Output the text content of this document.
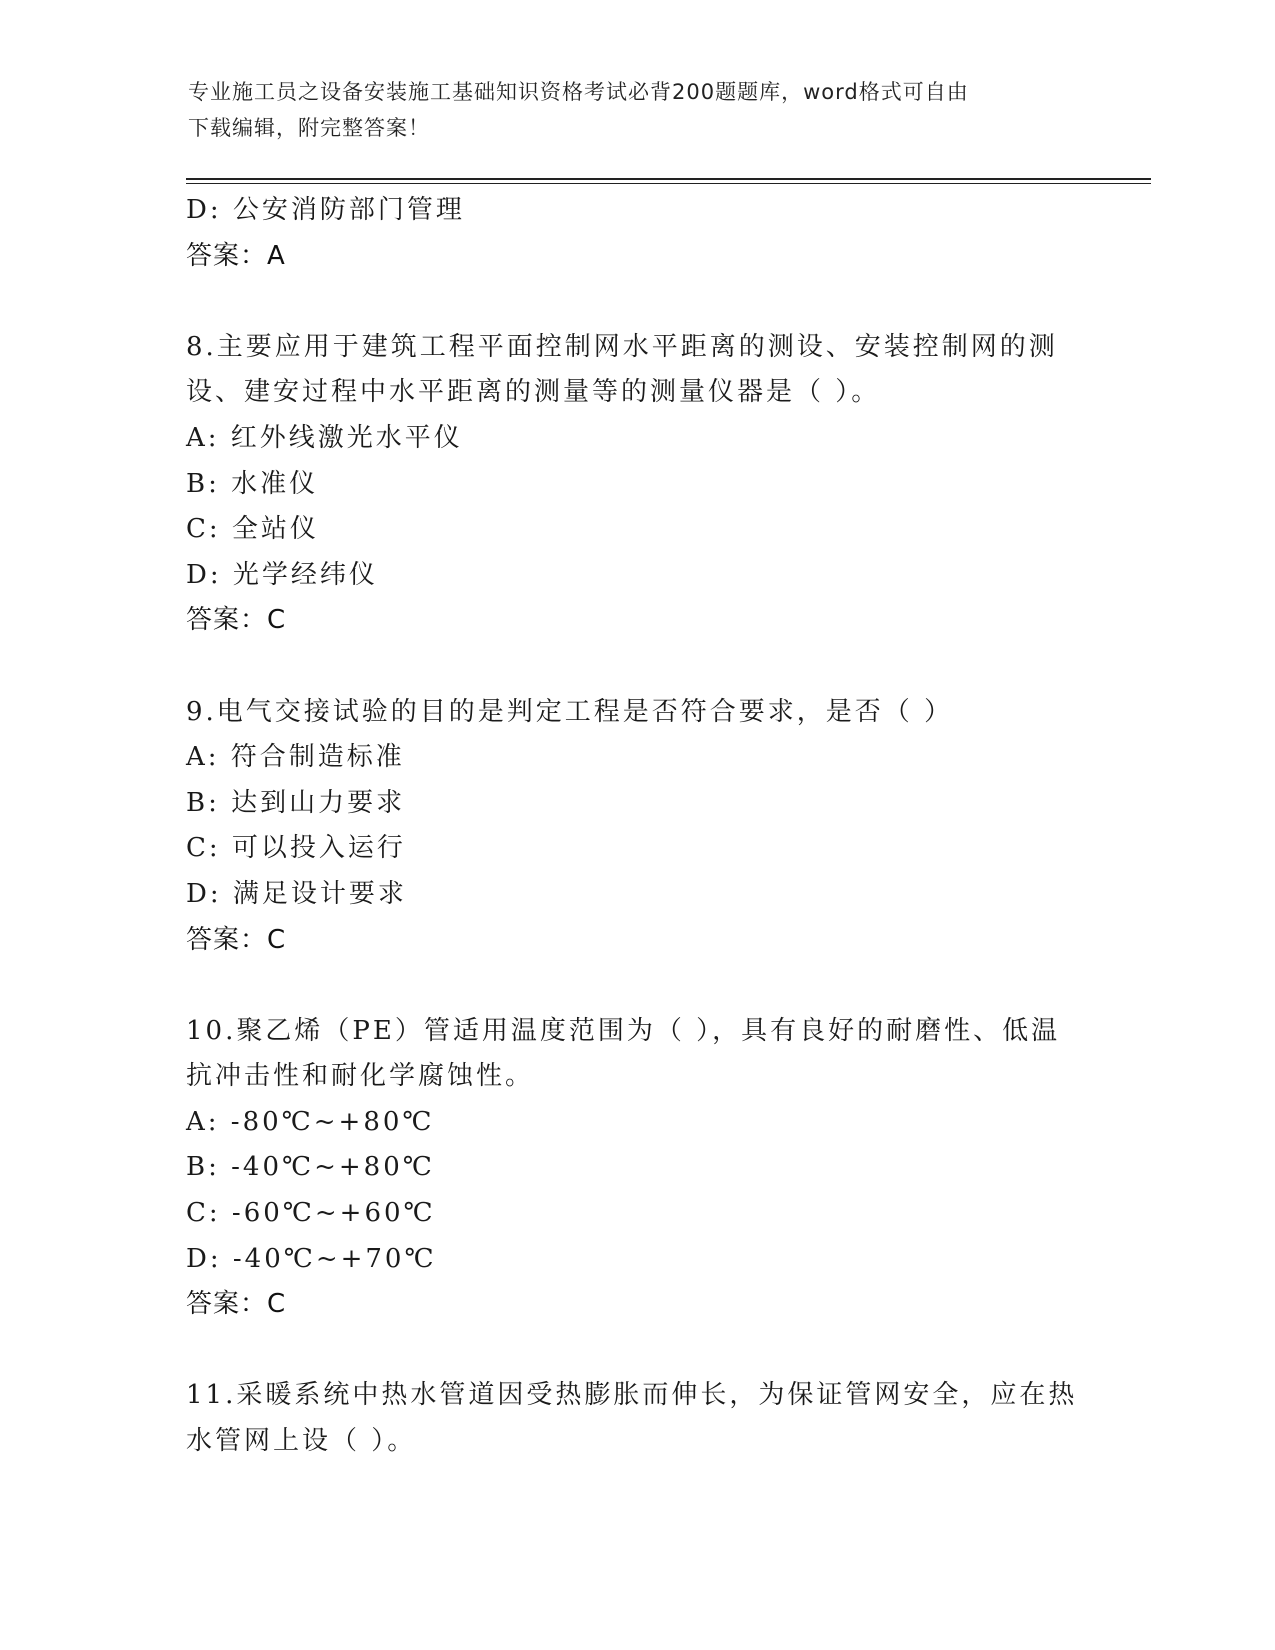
专业施工员之设备安装施工基础知识资格考试必背200题题库，word格式可自由
下载编辑，附完整答案！
D: 公安消防部门管理
答案：A
8.主要应用于建筑工程平面控制网水平距离的测设、安装控制网的测
设、建安过程中水平距离的测量等的测量仪器是（ ）。
A: 红外线激光水平仪
B: 水准仪
C: 全站仪
D: 光学经纬仪
答案：C
9.电气交接试验的目的是判定工程是否符合要求，是否（ ）
A: 符合制造标准
B: 达到山力要求
C: 可以投入运行
D: 满足设计要求
答案：C
10.聚乙烯（PE）管适用温度范围为（ ），具有良好的耐磨性、低温
抗冲击性和耐化学腐蚀性。
A: -80℃~+80℃
B: -40℃~+80℃
C: -60℃~+60℃
D: -40℃~+70℃
答案：C
11.采暖系统中热水管道因受热膨胀而伸长，为保证管网安全，应在热
水管网上设（ ）。
